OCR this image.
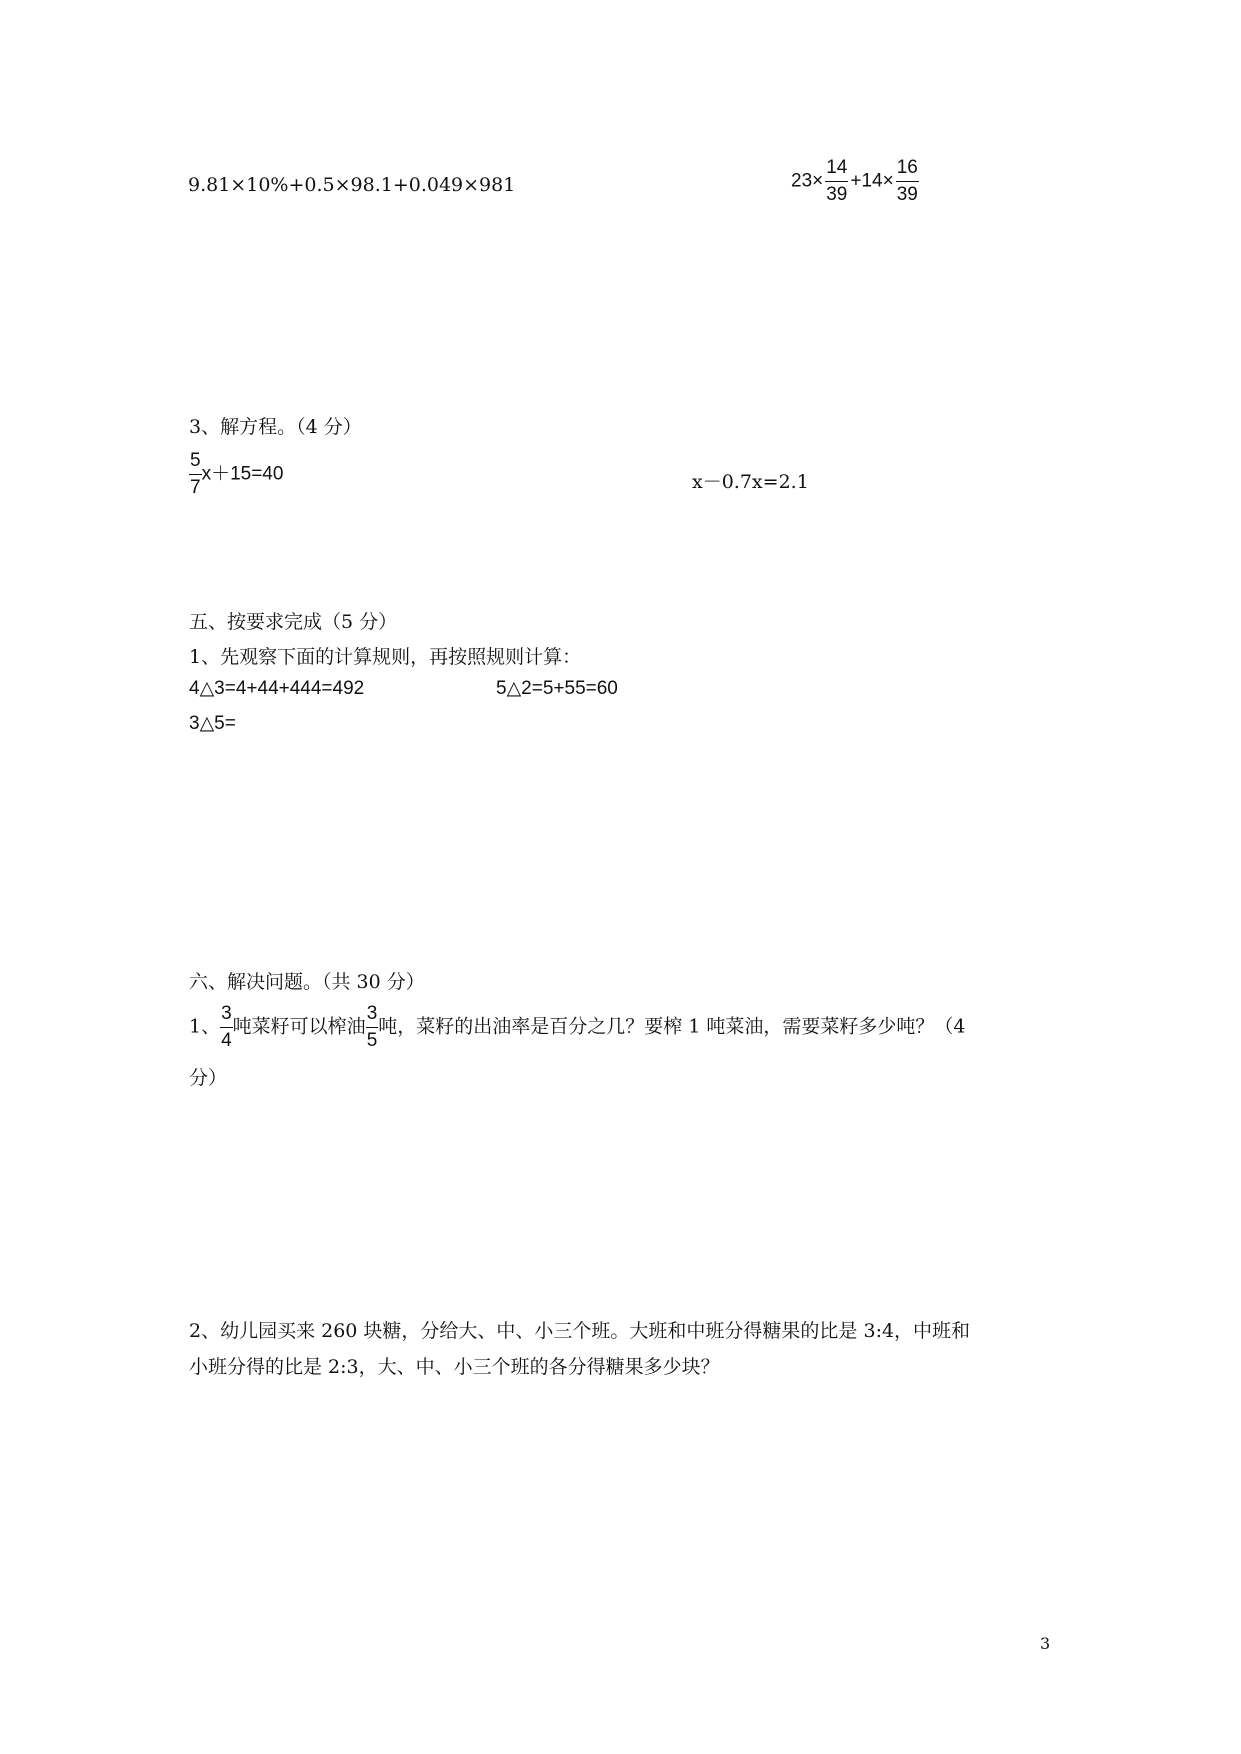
9.81×10%+0.5×98.1+0.049×981	$23\times \frac{14}{39} +14\times \frac{16}{39}$
3、解方程。（4 分）
$\frac{5}{7} x+15=40$	x－0.7x=2.1
五、按要求完成（5 分）
1、先观察下面的计算规则，再按照规则计算：
4△3=4+44+444=492	5△2=5+55=60
3△5=
六、解决问题。（共 30 分）
1、 $\frac{3}{4}$ 吨菜籽可以榨油 $\frac{3}{5}$ 吨，菜籽的出油率是百分之几？要榨 1 吨菜油，需要菜籽多少吨？（4
分）
2、幼儿园买来 260 块糖，分给大、中、小三个班。大班和中班分得糖果的比是 3:4，中班和
小班分得的比是 2:3，大、中、小三个班的各分得糖果多少块？
3
